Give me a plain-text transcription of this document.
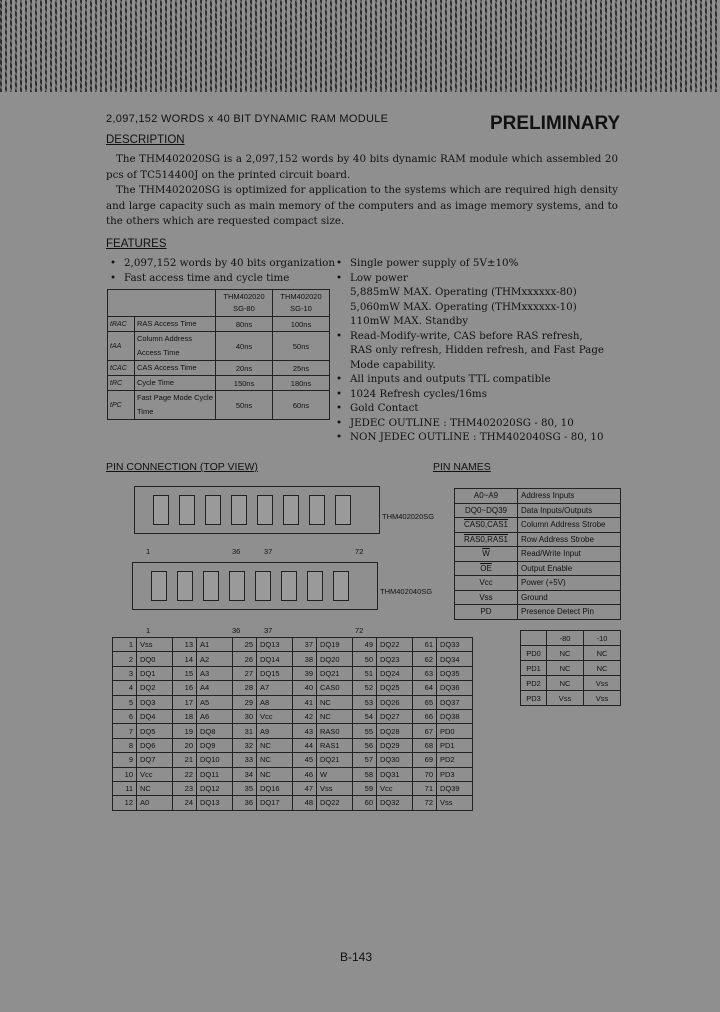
2,097,152 WORDS x 40 BIT DYNAMIC RAM MODULE	PRELIMINARY
DESCRIPTION

The THM402020SG is a 2,097,152 words by 40 bits dynamic RAM module which assembled 20 pcs of TC514400J on the printed circuit board.

The THM402020SG is optimized for application to the systems which are required high density and large capacity such as main memory of the computers and as image memory systems, and to the others which are requested compact size.

FEATURES
• 2,097,152 words by 40 bits organization
• Fast access time and cycle time
		THM402020 SG-80	THM402020 SG-10
tRAC	RAS Access Time	80ns	100ns
tAA	Column Address Access Time	40ns	50ns
tCAC	CAS Access Time	20ns	25ns
tRC	Cycle Time	150ns	180ns
tPC	Fast Page Mode Cycle Time	50ns	60ns
• Single power supply of 5V±10%
• Low power
5,885mW MAX. Operating (THMxxxxxx-80)
5,060mW MAX. Operating (THMxxxxxx-10)
110mW MAX. Standby
• Read-Modify-write, CAS before RAS refresh,
RAS only refresh, Hidden refresh, and Fast Page
Mode capability.
• All inputs and outputs TTL compatible
• 1024 Refresh cycles/16ms
• Gold Contact
• JEDEC OUTLINE : THM402020SG - 80, 10
• NON JEDEC OUTLINE : THM402040SG - 80, 10
PIN CONNECTION (TOP VIEW)	PIN NAMES
THM402020SG
1	36	37	72
THM402040SG
1	36	37	72
A0~A9	Address Inputs
DQ0~DQ39	Data Inputs/Outputs
CAS0,CAS1	Column Address Strobe
RAS0,RAS1	Row Address Strobe
$\overline{W}$	Read/Write Input
$\overline{OE}$	Output Enable
Vcc	Power (+5V)
Vss	Ground
PD	Presence Detect Pin
	-80	-10
PD0	NC	NC
PD1	NC	NC
PD2	NC	Vss
PD3	Vss	Vss
1	Vss	13	A1	25	DQ13	37	DQ19	49	DQ22	61	DQ33
2	DQ0	14	A2	26	DQ14	38	DQ20	50	DQ23	62	DQ34
3	DQ1	15	A3	27	DQ15	39	DQ21	51	DQ24	63	DQ35
4	DQ2	16	A4	28	A7	40	CAS0	52	DQ25	64	DQ36
5	DQ3	17	A5	29	A8	41	NC	53	DQ26	65	DQ37
6	DQ4	18	A6	30	Vcc	42	NC	54	DQ27	66	DQ38
7	DQ5	19	DQ8	31	A9	43	RAS0	55	DQ28	67	PD0
8	DQ6	20	DQ9	32	NC	44	RAS1	56	DQ29	68	PD1
9	DQ7	21	DQ10	33	NC	45	DQ21	57	DQ30	69	PD2
10	Vcc	22	DQ11	34	NC	46	W	58	DQ31	70	PD3
11	NC	23	DQ12	35	DQ16	47	Vss	59	Vcc	71	DQ39
12	A0	24	DQ13	36	DQ17	48	DQ22	60	DQ32	72	Vss
B-143
